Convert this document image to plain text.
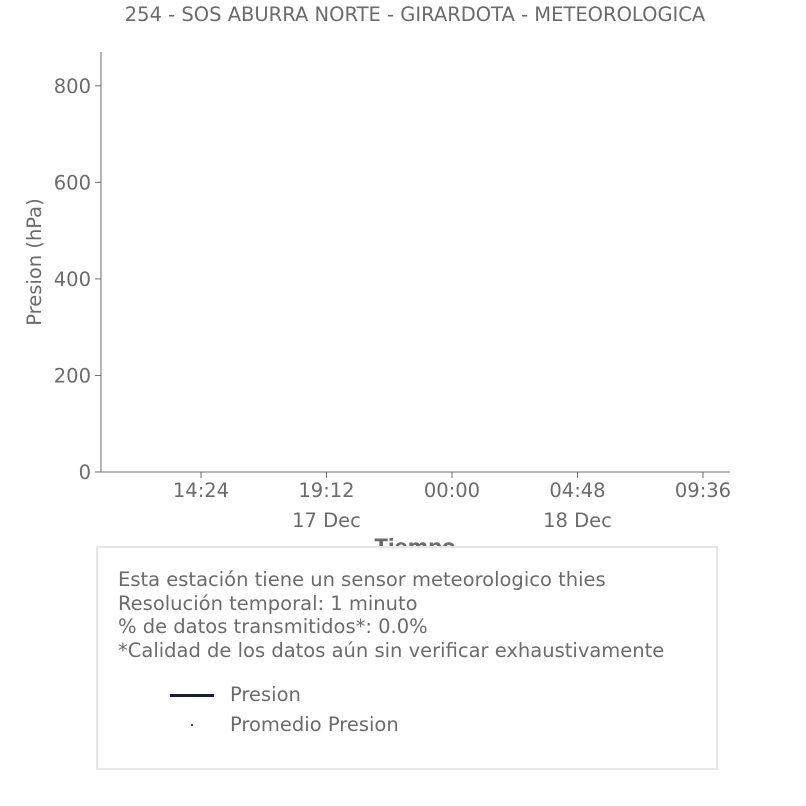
254 - SOS ABURRA NORTE - GIRARDOTA - METEOROLOGICA
0
200
400
600
800
14:24	19:12
17 Dec
00:00	04:48
18 Dec
09:36
Presion (hPa)
Esta estación tiene un sensor meteorologico thies
Resolución temporal: 1 minuto
% de datos transmitidos*: 0.0%
*Calidad de los datos aún sin verificar exhaustivamente
Presion
Promedio Presion
